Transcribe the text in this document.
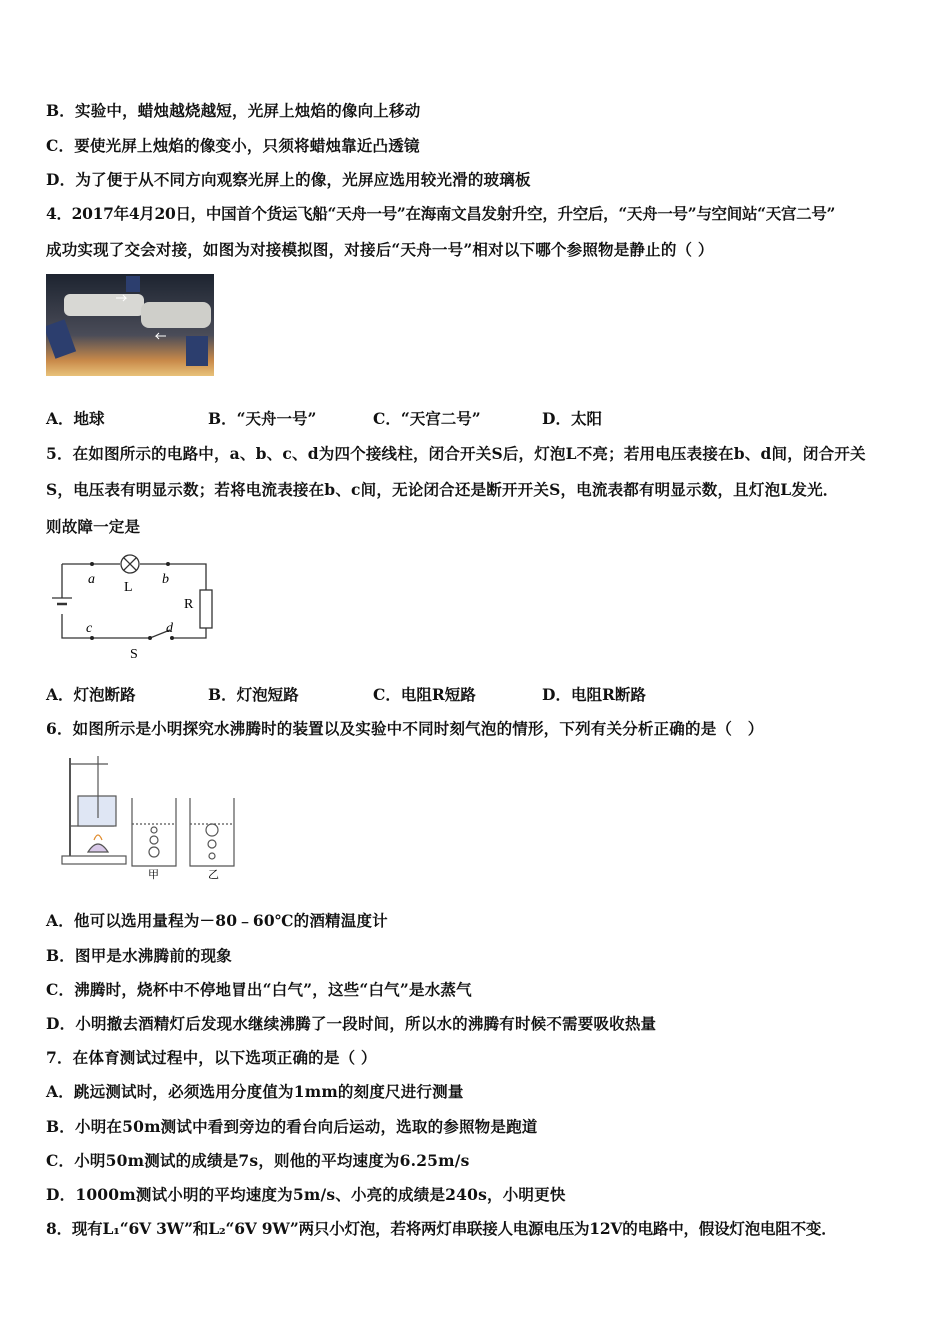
B．实验中，蜡烛越烧越短，光屏上烛焰的像向上移动
C．要使光屏上烛焰的像变小，只须将蜡烛靠近凸透镜
D．为了便于从不同方向观察光屏上的像，光屏应选用较光滑的玻璃板
4．2017年4月20日，中国首个货运飞船“天舟一号”在海南文昌发射升空，升空后，“天舟一号”与空间站“天宫二号”
成功实现了交会对接，如图为对接模拟图，对接后“天舟一号”相对以下哪个参照物是静止的（ ）
A．地球	B．“天舟一号”	C．“天宫二号”	D．太阳
5．在如图所示的电路中，a、b、c、d为四个接线柱，闭合开关S后，灯泡L不亮；若用电压表接在b、d间，闭合开关
S，电压表有明显示数；若将电流表接在b、c间，无论闭合还是断开开关S，电流表都有明显示数，且灯泡L发光．
则故障一定是
a
L
b
R
c	d
S
A．灯泡断路	B．灯泡短路	C．电阻R短路	D．电阻R断路
6．如图所示是小明探究水沸腾时的装置以及实验中不同时刻气泡的情形，下列有关分析正确的是（　）
甲	乙
A．他可以选用量程为－80﹣60℃的酒精温度计
B．图甲是水沸腾前的现象
C．沸腾时，烧杯中不停地冒出“白气”，这些“白气”是水蒸气
D．小明撤去酒精灯后发现水继续沸腾了一段时间，所以水的沸腾有时候不需要吸收热量
7．在体育测试过程中，以下选项正确的是（ ）
A．跳远测试时，必须选用分度值为1mm的刻度尺进行测量
B．小明在50m测试中看到旁边的看台向后运动，选取的参照物是跑道
C．小明50m测试的成绩是7s，则他的平均速度为6.25m/s
D．1000m测试小明的平均速度为5m/s、小亮的成绩是240s，小明更快
8．现有L₁“6V 3W”和L₂“6V 9W”两只小灯泡，若将两灯串联接人电源电压为12V的电路中，假设灯泡电阻不变．
